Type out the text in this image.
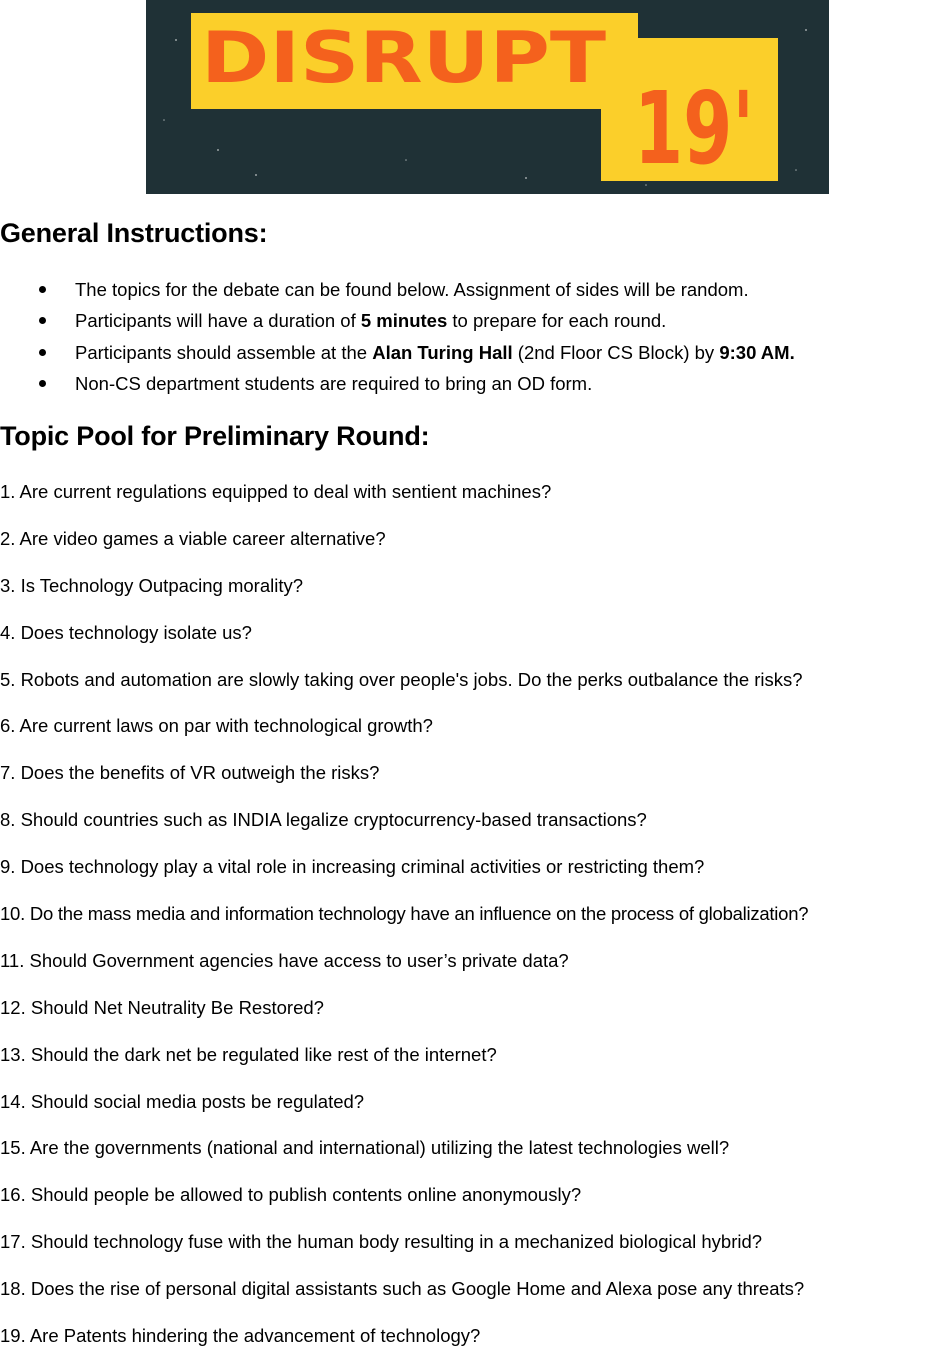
DISRUPT
19'
General Instructions:
The topics for the debate can be found below. Assignment of sides will be random.
Participants will have a duration of 5 minutes to prepare for each round.
Participants should assemble at the Alan Turing Hall (2nd Floor CS Block) by 9:30 AM.
Non-CS department students are required to bring an OD form.
Topic Pool for Preliminary Round:
1. Are current regulations equipped to deal with sentient machines?
2. Are video games a viable career alternative?
3. Is Technology Outpacing morality?
4. Does technology isolate us?
5. Robots and automation are slowly taking over people's jobs. Do the perks outbalance the risks?
6. Are current laws on par with technological growth?
7. Does the benefits of VR outweigh the risks?
8. Should countries such as INDIA legalize cryptocurrency-based transactions?
9. Does technology play a vital role in increasing criminal activities or restricting them?
10. Do the mass media and information technology have an influence on the process of globalization?
11. Should Government agencies have access to user’s private data?
12. Should Net Neutrality Be Restored?
13. Should the dark net be regulated like rest of the internet?
14. Should social media posts be regulated?
15. Are the governments (national and international) utilizing the latest technologies well?
16. Should people be allowed to publish contents online anonymously?
17. Should technology fuse with the human body resulting in a mechanized biological hybrid?
18. Does the rise of personal digital assistants such as Google Home and Alexa pose any threats?
19. Are Patents hindering the advancement of technology?
